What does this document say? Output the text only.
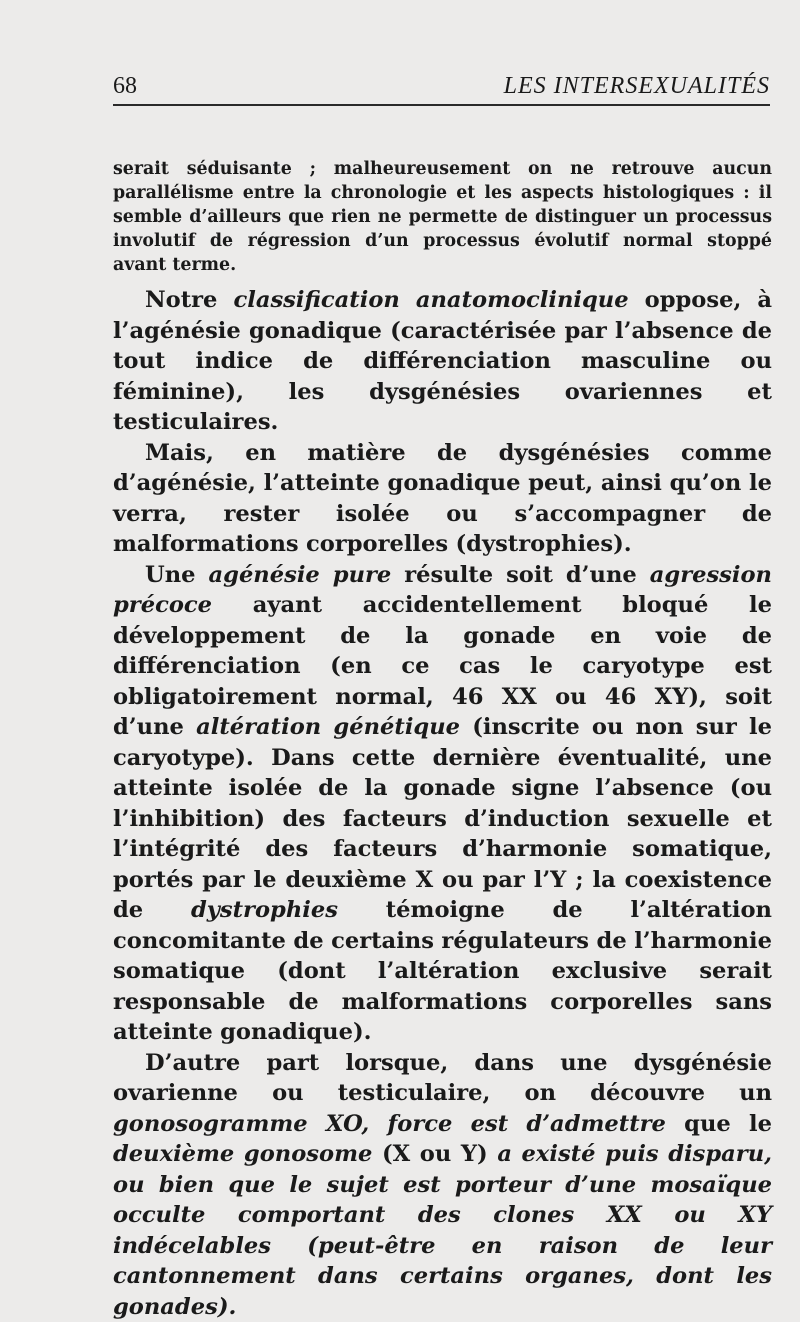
68	LES INTERSEXUALITÉS

serait séduisante ; malheureusement on ne retrouve aucun parallélisme entre la chronologie et les aspects histologiques : il semble d’ailleurs que rien ne permette de distinguer un processus involutif de régression d’un processus évolutif normal stoppé avant terme.

Notre classification anatomoclinique oppose, à l’agénésie gonadique (caractérisée par l’absence de tout indice de différenciation masculine ou féminine), les dysgénésies ovariennes et testiculaires.

Mais, en matière de dysgénésies comme d’agénésie, l’atteinte gonadique peut, ainsi qu’on le verra, rester isolée ou s’accompagner de malformations corporelles (dystrophies).

Une agénésie pure résulte soit d’une agression précoce ayant accidentellement bloqué le développement de la gonade en voie de différenciation (en ce cas le caryotype est obligatoirement normal, 46 XX ou 46 XY), soit d’une altération génétique (inscrite ou non sur le caryotype). Dans cette dernière éventualité, une atteinte isolée de la gonade signe l’absence (ou l’inhibition) des facteurs d’induction sexuelle et l’intégrité des facteurs d’harmonie somatique, portés par le deuxième X ou par l’Y ; la coexistence de dystrophies témoigne de l’altération concomitante de certains régulateurs de l’harmonie somatique (dont l’altération exclusive serait responsable de malformations corporelles sans atteinte gonadique).

D’autre part lorsque, dans une dysgénésie ovarienne ou testiculaire, on découvre un gonosogramme XO, force est d’admettre que le deuxième gonosome (X ou Y) a existé puis disparu, ou bien que le sujet est porteur d’une mosaïque occulte comportant des clones XX ou XY indécelables (peut-être en raison de leur cantonnement dans certains organes, dont les gonades).
